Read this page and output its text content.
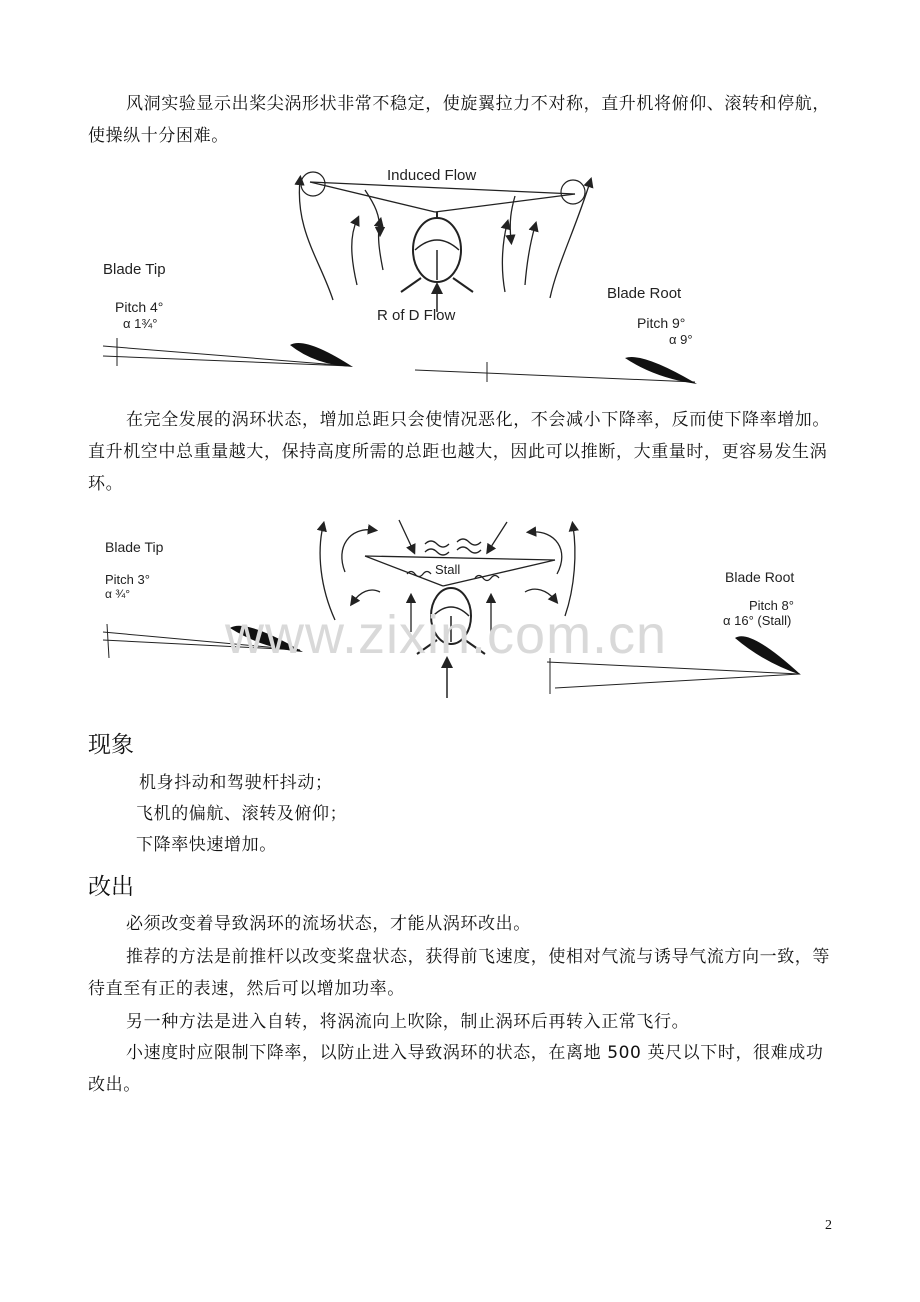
风洞实验显示出桨尖涡形状非常不稳定，使旋翼拉力不对称，直升机将俯仰、滚转和停航，使操纵十分困难。

Induced Flow
Blade Tip
Pitch 4°
α 1¾°	R of D Flow
Blade Root
Pitch 9°
α 9°

在完全发展的涡环状态，增加总距只会使情况恶化，不会减小下降率，反而使下降率增加。直升机空中总重量越大，保持高度所需的总距也越大，因此可以推断，大重量时，更容易发生涡环。

Stall
Blade Tip
Pitch 3°
α ¾°
Blade Root
Pitch 8°
α 16° (Stall)
www.zixin.com.cn
现象
机身抖动和驾驶杆抖动；
飞机的偏航、滚转及俯仰；
下降率快速增加。
改出

必须改变着导致涡环的流场状态，才能从涡环改出。

推荐的方法是前推杆以改变桨盘状态，获得前飞速度，使相对气流与诱导气流方向一致，等待直至有正的表速，然后可以增加功率。

另一种方法是进入自转，将涡流向上吹除，制止涡环后再转入正常飞行。

小速度时应限制下降率，以防止进入导致涡环的状态，在离地 500 英尺以下时，很难成功改出。

2
